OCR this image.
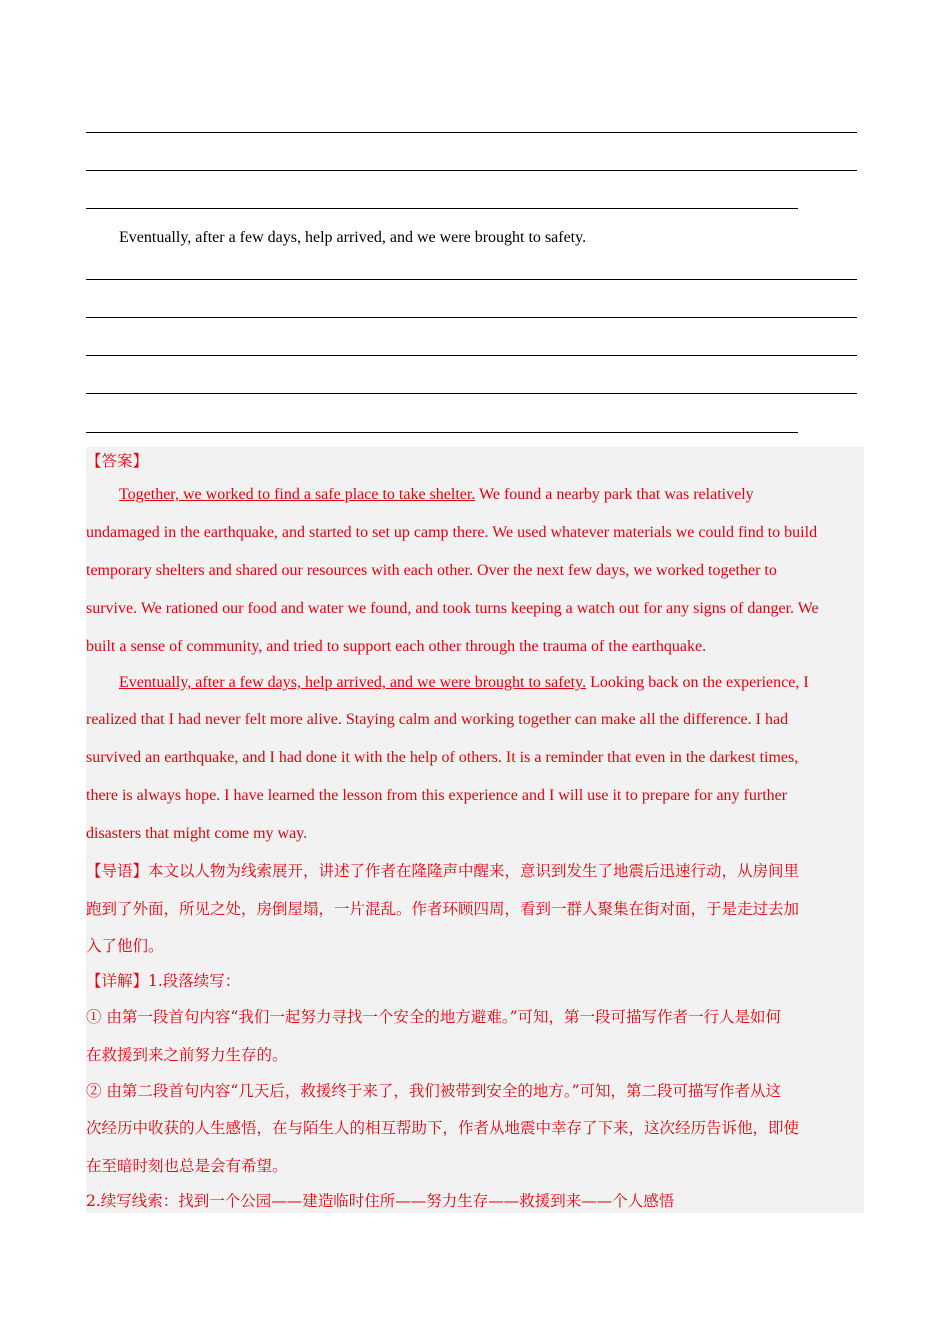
Eventually, after a few days, help arrived, and we were brought to safety.
【答案】
Together, we worked to find a safe place to take shelter. We found a nearby park that was relatively
undamaged in the earthquake, and started to set up camp there. We used whatever materials we could find to build
temporary shelters and shared our resources with each other. Over the next few days, we worked together to
survive. We rationed our food and water we found, and took turns keeping a watch out for any signs of danger. We
built a sense of community, and tried to support each other through the trauma of the earthquake.
Eventually, after a few days, help arrived, and we were brought to safety. Looking back on the experience, I
realized that I had never felt more alive. Staying calm and working together can make all the difference. I had
survived an earthquake, and I had done it with the help of others. It is a reminder that even in the darkest times,
there is always hope. I have learned the lesson from this experience and I will use it to prepare for any further
disasters that might come my way.
【导语】本文以人物为线索展开，讲述了作者在隆隆声中醒来，意识到发生了地震后迅速行动，从房间里
跑到了外面，所见之处，房倒屋塌，一片混乱。作者环顾四周，看到一群人聚集在街对面，于是走过去加
入了他们。
【详解】1.段落续写：
① 由第一段首句内容“我们一起努力寻找一个安全的地方避难。”可知，第一段可描写作者一行人是如何
在救援到来之前努力生存的。
② 由第二段首句内容“几天后，救援终于来了，我们被带到安全的地方。”可知，第二段可描写作者从这
次经历中收获的人生感悟，在与陌生人的相互帮助下，作者从地震中幸存了下来，这次经历告诉他，即使
在至暗时刻也总是会有希望。
2.续写线索：找到一个公园——建造临时住所——努力生存——救援到来——个人感悟
